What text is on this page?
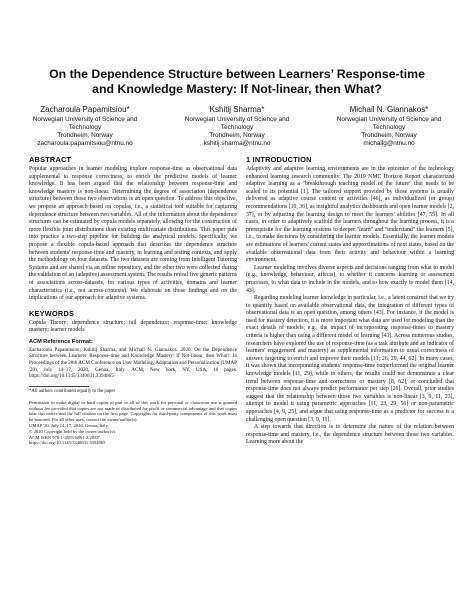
On the Dependence Structure between Learners’ Response-time
and Knowledge Mastery: If Not-linear, then What?
Zacharoula Papamitsiou*
Norwegian University of Science and
Technology
Trondheim, Norway
zacharoula.papamitsiou@ntnu.no
Kshitij Sharma*
Norwegian University of Science and
Technology
Trondheim, Norway
kshitij.sharma@ntnu.no
Michail N. Giannakos*
Norwegian University of Science and
Technology
Trondheim, Norway
michailg@ntnu.no
ABSTRACT

Popular approaches in learner modeling explore response-time as observational data supplemental to response correctness, to enrich the predictive models of learner knowledge. It has been argued that the relationship between response-time and knowledge mastery is non-linear. Determining the degree of association (dependence structure) between those two observations is an open question. To address this objective, we propose an approach based on copulas, i.e., a statistical tool suitable for capturing dependence structure between two variables. All of the information about the dependence structures can be estimated by copula models separately, allowing for the construction of more flexible joint distributions than existing multivariate distributions. This paper puts into practice a two-step pipeline for building the analytical models. Specifically, we propose a flexible copula-based approach that describes the dependence structure between students' response-time and mastery, in learning and testing contexts, and apply the methodology on four datasets. The two datasets are coming from Intelligent Tutoring Systems and are shared via an online repository, and the other two were collected during the validation of an (adaptive) assessment system. The results reveal five generic patterns of associations across-datasets, for various types of activities, domains and learner characteristics (i.e., not across-contexts). We elaborate on those findings and on the implications of our approach for adaptive systems.

KEYWORDS

Copula Theory; dependence structure; tail dependence; response-time; knowledge mastery; learner models

ACM Reference Format:

Zacharoula Papamitsiou, Kshitij Sharma, and Michail N. Giannakos. 2020. On the Dependence Structure between Learners' Response-time and Knowledge Mastery: If Not-linear, then What?. In Proceedings of the 28th ACM Conference on User Modeling, Adaptation and Personalization (UMAP '20), July 14–17, 2020, Genoa, Italy. ACM, New York, NY, USA, 10 pages. https://doi.org/10.1145/3340631.3394865

*All authors contributed equally to the paper

Permission to make digital or hard copies of part or all of this work for personal or classroom use is granted without fee provided that copies are not made or distributed for profit or commercial advantage and that copies bear this notice and the full citation on the first page. Copyrights for third-party components of this work must be honored. For all other uses, contact the owner/author(s).

UMAP '20, July 14–17, 2020, Genoa, Italy

© 2020 Copyright held by the owner/author(s).

ACM ISBN 978-1-4503-6861-2/20/07.

https://doi.org/10.1145/3340631.3394865

1 INTRODUCTION

Adaptivity and adaptive learning environments are in the epicenter of the technology enhanced learning research community. The 2019 NMC Horizon Report characterized adaptive learning as a "breakthrough teaching model of the future" that needs to be scaled to its potential [1]. The tailored support provided by those systems is usually delivered as adaptive course content or activities [46], as individualized (or group) recommendations [10, 36], as insightful analytics dashboards and open learner models [2, 37], or by adjusting the learning design to meet the learners' abilities [47, 55]. In all cases, in order to adaptively scaffold the learners throughout the learning process, it is a prerequisite for the learning systems to deeper "learn" and "understand" the learners [5], i.e., to make decisions by considering the learner models. Essentially, the learner models are estimations of learners' current states and approximations of next states, based on the available observational data from their activity and behaviour within a learning environment.

Learner modeling involves diverse aspects and decisions ranging from what to model (e.g., knowledge, behaviour, affects), to whether it concerns learning or assessment processes, to what data to include in the models, and to how exactly to model them [14, 43].

Regarding modeling learner knowledge in particular, i.e., a latent construct that we try to quantify based on available observational data, the integration of different types of observational data is an open question, among others [43]. For instance, if the model is used for mastery detection, it is more important what data are used for modeling than the exact details of models, e.g., the impact of incorporating response-times to mastery criteria is higher than using a different model of learning [43]. Across numerous studies, researchers have explored the use of response-time (as a task attribute and an indicator of learners' engagement and mastery) as supplemental information to usual correctness of answer, targeting to enrich and improve their models [11; 26, 29, 44, 62]. In many cases, it was shown that incorporating students' response-time outperformed the original learner knowledge models [11, 29], while in others, the results could not demonstrate a clear trend between response-time and correctness or mastery [8, 62], or concluded that response-time does not always predict performance per step [26]. Overall, prior studies suggest that the relationship between those two variables is non-linear [3, 9, 11, 23], attempt to model it using parametric approaches [11, 23, 29, 56] or non-parametric approaches [4, 9, 25], and argue that using response-time as a predictor for success is a challenging open question [3, 9, 11].

A step towards that direction is to determine the nature of the relation between response-time and mastery, i.e., the dependence structure between those two variables. Learning more about the
